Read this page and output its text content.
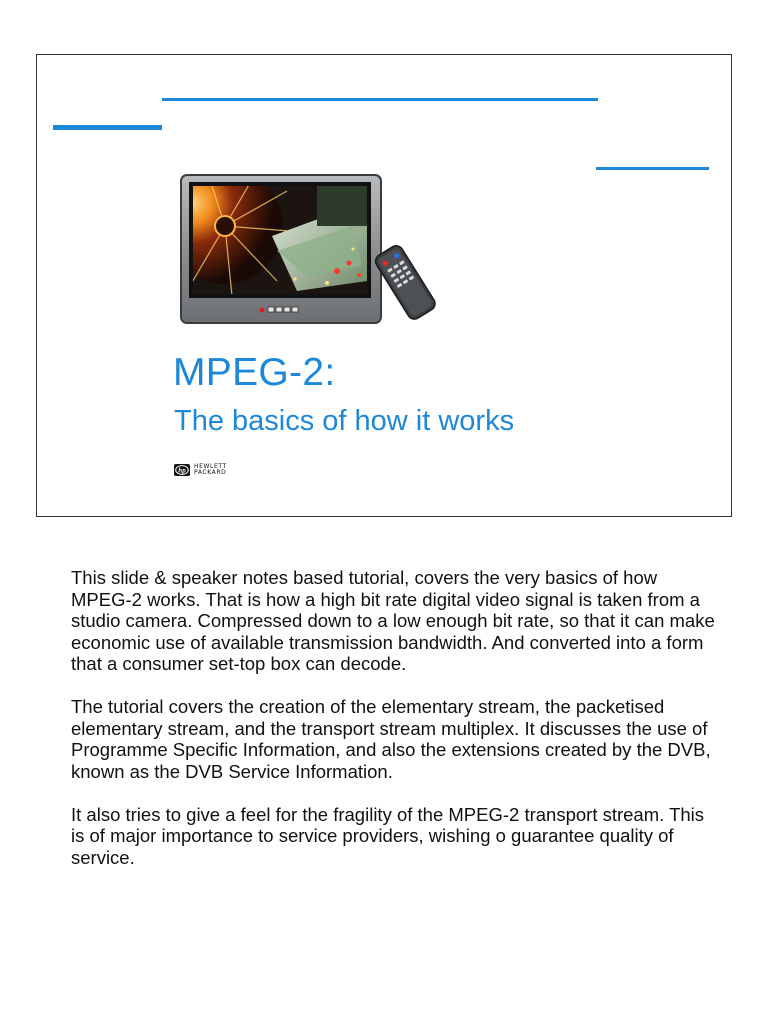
MPEG-2:
The basics of how it works
hp
HEWLETT
PACKARD

This slide & speaker notes based tutorial, covers the very basics of how MPEG-2 works. That is how a high bit rate digital video signal is taken from a studio camera. Compressed down to a low enough bit rate, so that it can make economic use of available transmission bandwidth. And converted into a form that a consumer set-top box can decode.

The tutorial covers the creation of the elementary stream, the packetised elementary stream, and the transport stream multiplex. It discusses the use of Programme Specific Information, and also the extensions created by the DVB, known as the DVB Service Information.

It also tries to give a feel for the fragility of the MPEG-2 transport stream. This is of major importance to service providers, wishing o guarantee quality of service.
